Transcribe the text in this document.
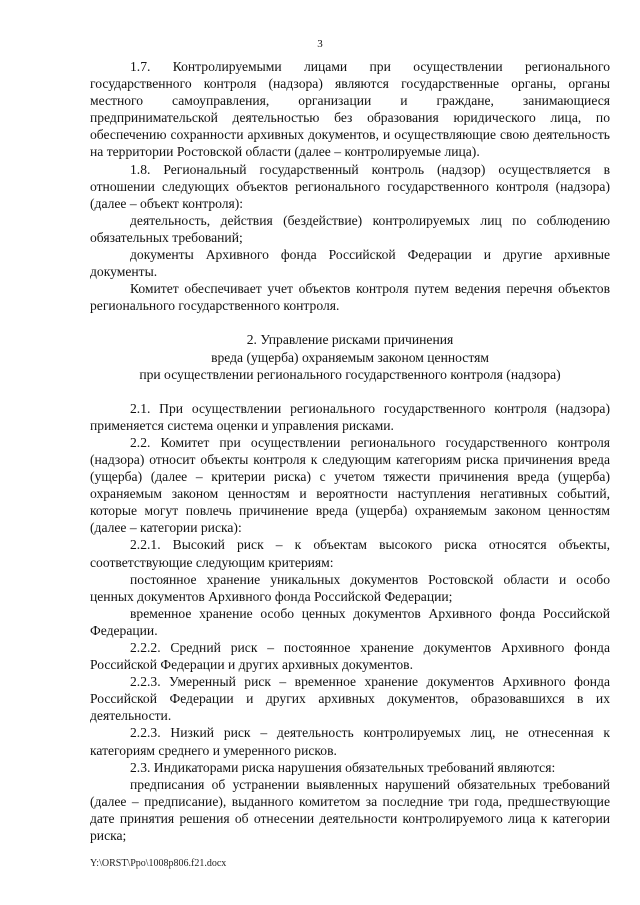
3

1.7. Контролируемыми лицами при осуществлении регионального государственного контроля (надзора) являются государственные органы, органы местного самоуправления, организации и граждане, занимающиеся предпринимательской деятельностью без образования юридического лица, по обеспечению сохранности архивных документов, и осуществляющие свою деятельность на территории Ростовской области (далее – контролируемые лица).

1.8. Региональный государственный контроль (надзор) осуществляется в отношении следующих объектов регионального государственного контроля (надзора) (далее – объект контроля):

деятельность, действия (бездействие) контролируемых лиц по соблюдению обязательных требований;

документы Архивного фонда Российской Федерации и другие архивные документы.

Комитет обеспечивает учет объектов контроля путем ведения перечня объектов регионального государственного контроля.

2. Управление рисками причинения

вреда (ущерба) охраняемым законом ценностям

при осуществлении регионального государственного контроля (надзора)

2.1. При осуществлении регионального государственного контроля (надзора) применяется система оценки и управления рисками.

2.2. Комитет при осуществлении регионального государственного контроля (надзора) относит объекты контроля к следующим категориям риска причинения вреда (ущерба) (далее – критерии риска) с учетом тяжести причинения вреда (ущерба) охраняемым законом ценностям и вероятности наступления негативных событий, которые могут повлечь причинение вреда (ущерба) охраняемым законом ценностям (далее – категории риска):

2.2.1. Высокий риск – к объектам высокого риска относятся объекты, соответствующие следующим критериям:

постоянное хранение уникальных документов Ростовской области и особо ценных документов Архивного фонда Российской Федерации;

временное хранение особо ценных документов Архивного фонда Российской Федерации.

2.2.2. Средний риск – постоянное хранение документов Архивного фонда Российской Федерации и других архивных документов.

2.2.3. Умеренный риск – временное хранение документов Архивного фонда Российской Федерации и других архивных документов, образовавшихся в их деятельности.

2.2.3. Низкий риск – деятельность контролируемых лиц, не отнесенная к категориям среднего и умеренного рисков.

2.3. Индикаторами риска нарушения обязательных требований являются:

предписания об устранении выявленных нарушений обязательных требований (далее – предписание), выданного комитетом за последние три года, предшествующие дате принятия решения об отнесении деятельности контролируемого лица к категории риска;

Y:\ORST\Ppo\1008p806.f21.docx
